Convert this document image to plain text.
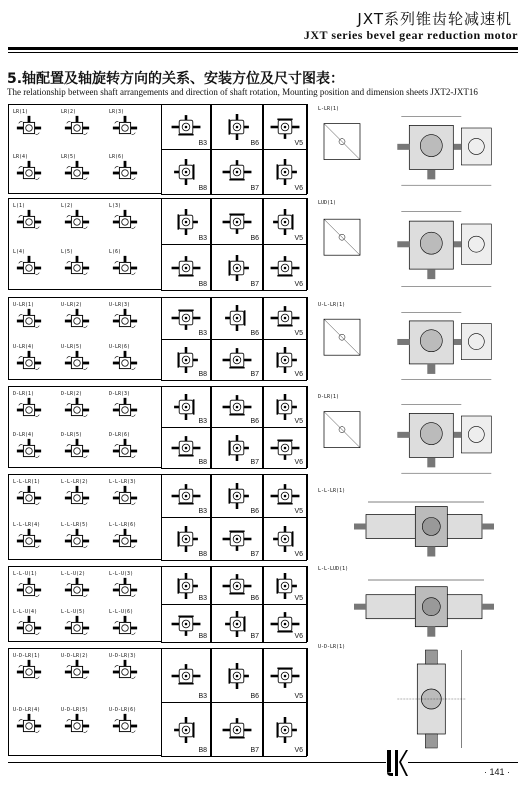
JXT系列锥齿轮减速机
JXT series bevel gear reduction motor
5.轴配置及轴旋转方向的关系、安装方位及尺寸图表：
The relationship between shaft arrangements and direction of shaft rotation, Mounting position and dimension sheets JXT2-JXT16
LR(1)	LR(2)	LR(3)
LR(4)	LR(5)	LR(6)
B3	B6	V5
B8	B7	V6
L(1)	L(2)	L(3)
L(4)	L(5)	L(6)
B3	B6	V5
B8	B7	V6
U-LR(1)	U-LR(2)	U-LR(3)
U-LR(4)	U-LR(5)	U-LR(6)
B3	B6	V5
B8	B7	V6
D-LR(1)	D-LR(2)	D-LR(3)
D-LR(4)	D-LR(5)	D-LR(6)
B3	B6	V5
B8	B7	V6
L-L-LR(1)	L-L-LR(2)	L-L-LR(3)
L-L-LR(4)	L-L-LR(5)	L-L-LR(6)
B3	B6	V5
B8	B7	V6
L-L-U(1)	L-L-U(2)	L-L-U(3)
L-L-U(4)	L-L-U(5)	L-L-U(6)
B3	B6	V5
B8	B7	V6
U-D-LR(1)	U-D-LR(2)	U-D-LR(3)
U-D-LR(4)	U-D-LR(5)	U-D-LR(6)
B3	B6	V5
B8	B7	V6
L-LR(1)
LUD(1)
U-L-LR(1)
D-LR(1)
L-L-LR(1)
L-L-LUD(1)
U-D-LR(1)
· 141 ·
